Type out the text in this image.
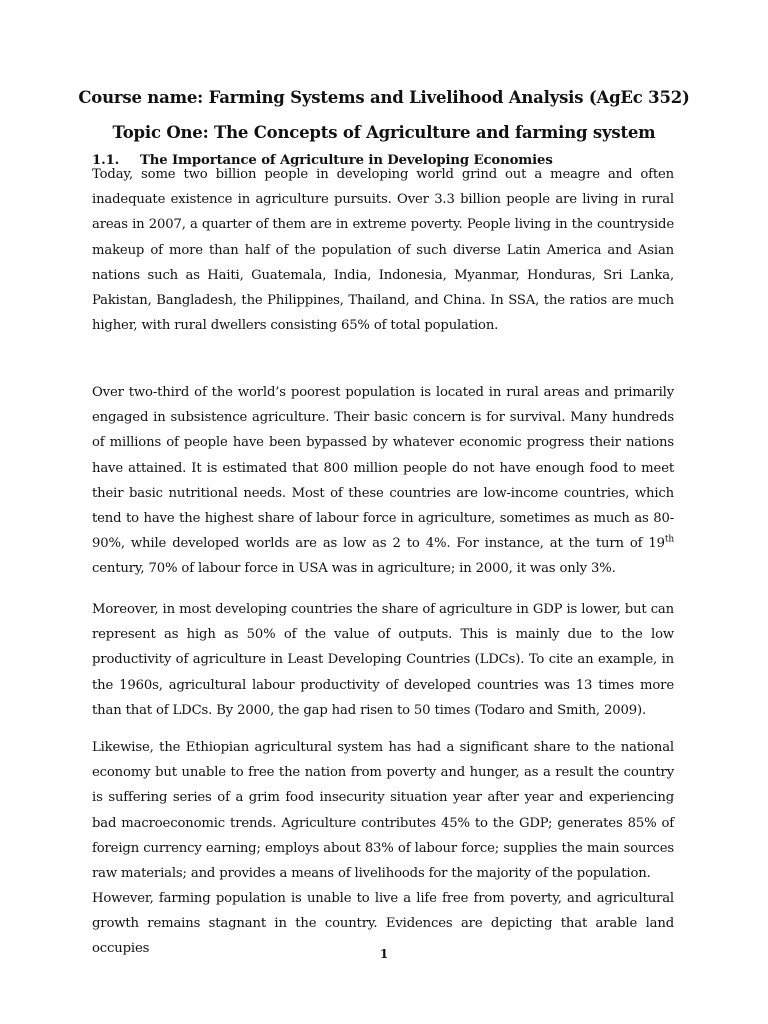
Course name: Farming Systems and Livelihood Analysis (AgEc 352)
Topic One: The Concepts of Agriculture and farming system
1.1.	The Importance of Agriculture in Developing Economies

Today, some two billion people in developing world grind out a meagre and often inadequate existence in agriculture pursuits. Over 3.3 billion people are living in rural areas in 2007, a quarter of them are in extreme poverty. People living in the countryside makeup of more than half of the population of such diverse Latin America and Asian nations such as Haiti, Guatemala, India, Indonesia, Myanmar, Honduras, Sri Lanka, Pakistan, Bangladesh, the Philippines, Thailand, and China. In SSA, the ratios are much higher, with rural dwellers consisting 65% of total population.

Over two-third of the world’s poorest population is located in rural areas and primarily engaged in subsistence agriculture. Their basic concern is for survival. Many hundreds of millions of people have been bypassed by whatever economic progress their nations have attained. It is estimated that 800 million people do not have enough food to meet their basic nutritional needs. Most of these countries are low-income countries, which tend to have the highest share of labour force in agriculture, sometimes as much as 80-90%, while developed worlds are as low as 2 to 4%. For instance, at the turn of 19th century, 70% of labour force in USA was in agriculture; in 2000, it was only 3%.

Moreover, in most developing countries the share of agriculture in GDP is lower, but can represent as high as 50% of the value of outputs. This is mainly due to the low productivity of agriculture in Least Developing Countries (LDCs). To cite an example, in the 1960s, agricultural labour productivity of developed countries was 13 times more than that of LDCs. By 2000, the gap had risen to 50 times (Todaro and Smith, 2009).

Likewise, the Ethiopian agricultural system has had a significant share to the national economy but unable to free the nation from poverty and hunger, as a result the country is suffering series of a grim food insecurity situation year after year and experiencing bad macroeconomic trends. Agriculture contributes 45% to the GDP; generates 85% of foreign currency earning; employs about 83% of labour force; supplies the main sources raw materials; and provides a means of livelihoods for the majority of the population.

However, farming population is unable to live a life free from poverty, and agricultural growth remains stagnant in the country. Evidences are depicting that arable land occupies	1
